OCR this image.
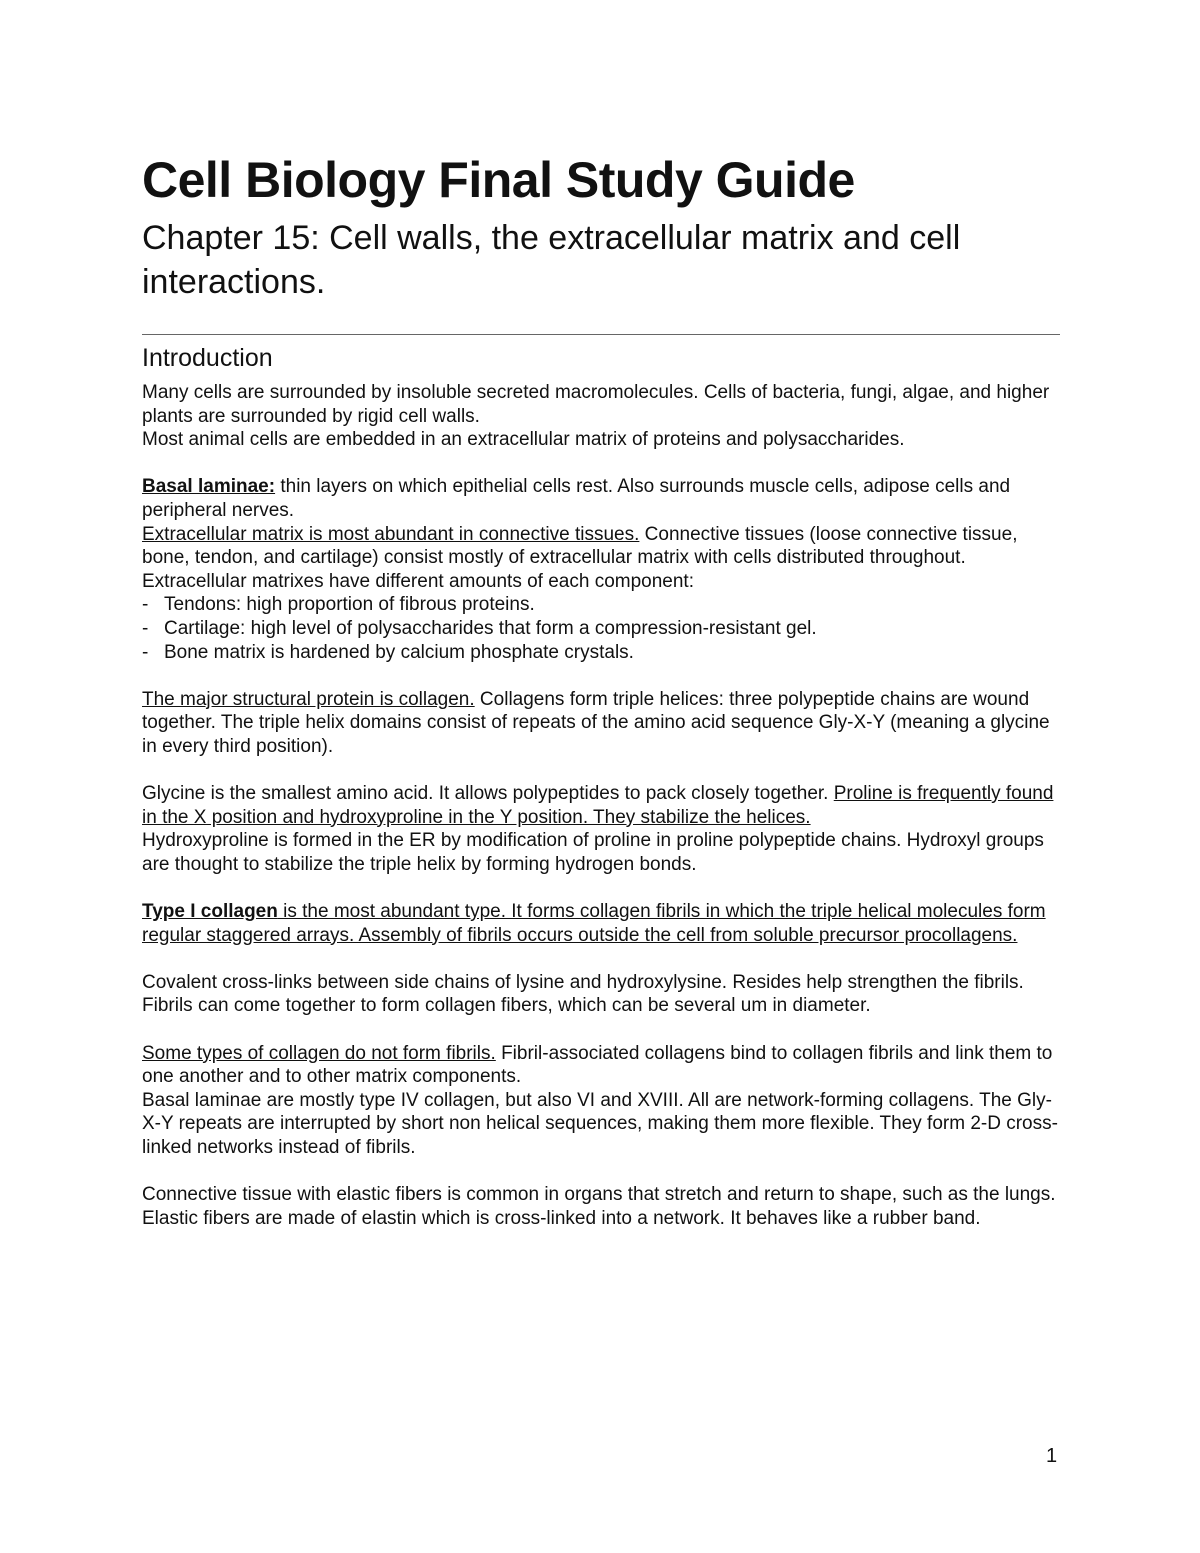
Cell Biology Final Study Guide
Chapter 15: Cell walls, the extracellular matrix and cell interactions.
Introduction

Many cells are surrounded by insoluble secreted macromolecules. Cells of bacteria, fungi, algae, and higher plants are surrounded by rigid cell walls.

Most animal cells are embedded in an extracellular matrix of proteins and polysaccharides.

Basal laminae: thin layers on which epithelial cells rest. Also surrounds muscle cells, adipose cells and peripheral nerves.

Extracellular matrix is most abundant in connective tissues. Connective tissues (loose connective tissue, bone, tendon, and cartilage) consist mostly of extracellular matrix with cells distributed throughout. Extracellular matrixes have different amounts of each component:

- Tendons: high proportion of fibrous proteins.
- Cartilage: high level of polysaccharides that form a compression-resistant gel.
- Bone matrix is hardened by calcium phosphate crystals.

The major structural protein is collagen. Collagens form triple helices: three polypeptide chains are wound together. The triple helix domains consist of repeats of the amino acid sequence Gly-X-Y (meaning a glycine in every third position).

Glycine is the smallest amino acid. It allows polypeptides to pack closely together. Proline is frequently found in the X position and hydroxyproline in the Y position. They stabilize the helices.

Hydroxyproline is formed in the ER by modification of proline in proline polypeptide chains. Hydroxyl groups are thought to stabilize the triple helix by forming hydrogen bonds.

Type I collagen is the most abundant type. It forms collagen fibrils in which the triple helical molecules form regular staggered arrays. Assembly of fibrils occurs outside the cell from soluble precursor procollagens.

Covalent cross-links between side chains of lysine and hydroxylysine. Resides help strengthen the fibrils. Fibrils can come together to form collagen fibers, which can be several um in diameter.

Some types of collagen do not form fibrils. Fibril-associated collagens bind to collagen fibrils and link them to one another and to other matrix components.

Basal laminae are mostly type IV collagen, but also VI and XVIII. All are network-forming collagens. The Gly-X-Y repeats are interrupted by short non helical sequences, making them more flexible. They form 2-D cross-linked networks instead of fibrils.

Connective tissue with elastic fibers is common in organs that stretch and return to shape, such as the lungs. Elastic fibers are made of elastin which is cross-linked into a network. It behaves like a rubber band.

1
